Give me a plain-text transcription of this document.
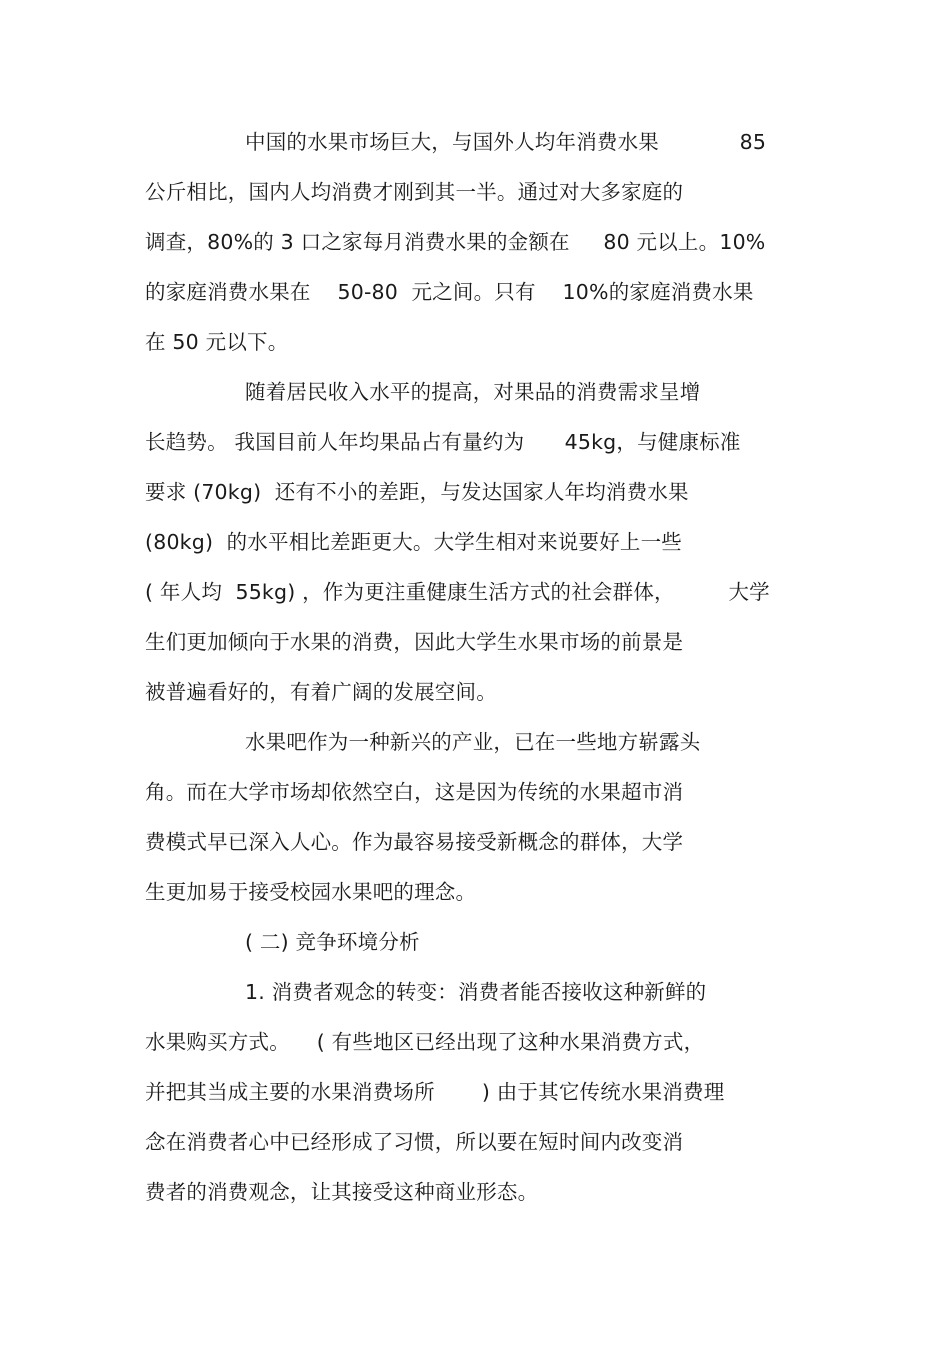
中国的水果市场巨大，与国外人均年消费水果            85
公斤相比，国内人均消费才刚到其一半。通过对大多家庭的
调查，80%的 3 口之家每月消费水果的金额在     80 元以上。10%
的家庭消费水果在    50-80  元之间。只有    10%的家庭消费水果
在 50 元以下。
随着居民收入水平的提高，对果品的消费需求呈增
长趋势。 我国目前人年均果品占有量约为      45kg，与健康标准
要求 (70kg)  还有不小的差距，与发达国家人年均消费水果
(80kg)  的水平相比差距更大。大学生相对来说要好上一些
( 年人均  55kg) ，作为更注重健康生活方式的社会群体，        大学
生们更加倾向于水果的消费，因此大学生水果市场的前景是
被普遍看好的，有着广阔的发展空间。
水果吧作为一种新兴的产业，已在一些地方崭露头
角。而在大学市场却依然空白，这是因为传统的水果超市消
费模式早已深入人心。作为最容易接受新概念的群体，大学
生更加易于接受校园水果吧的理念。
( 二) 竞争环境分析
1. 消费者观念的转变：消费者能否接收这种新鲜的
水果购买方式。    ( 有些地区已经出现了这种水果消费方式，
并把其当成主要的水果消费场所       ) 由于其它传统水果消费理
念在消费者心中已经形成了习惯，所以要在短时间内改变消
费者的消费观念，让其接受这种商业形态。
